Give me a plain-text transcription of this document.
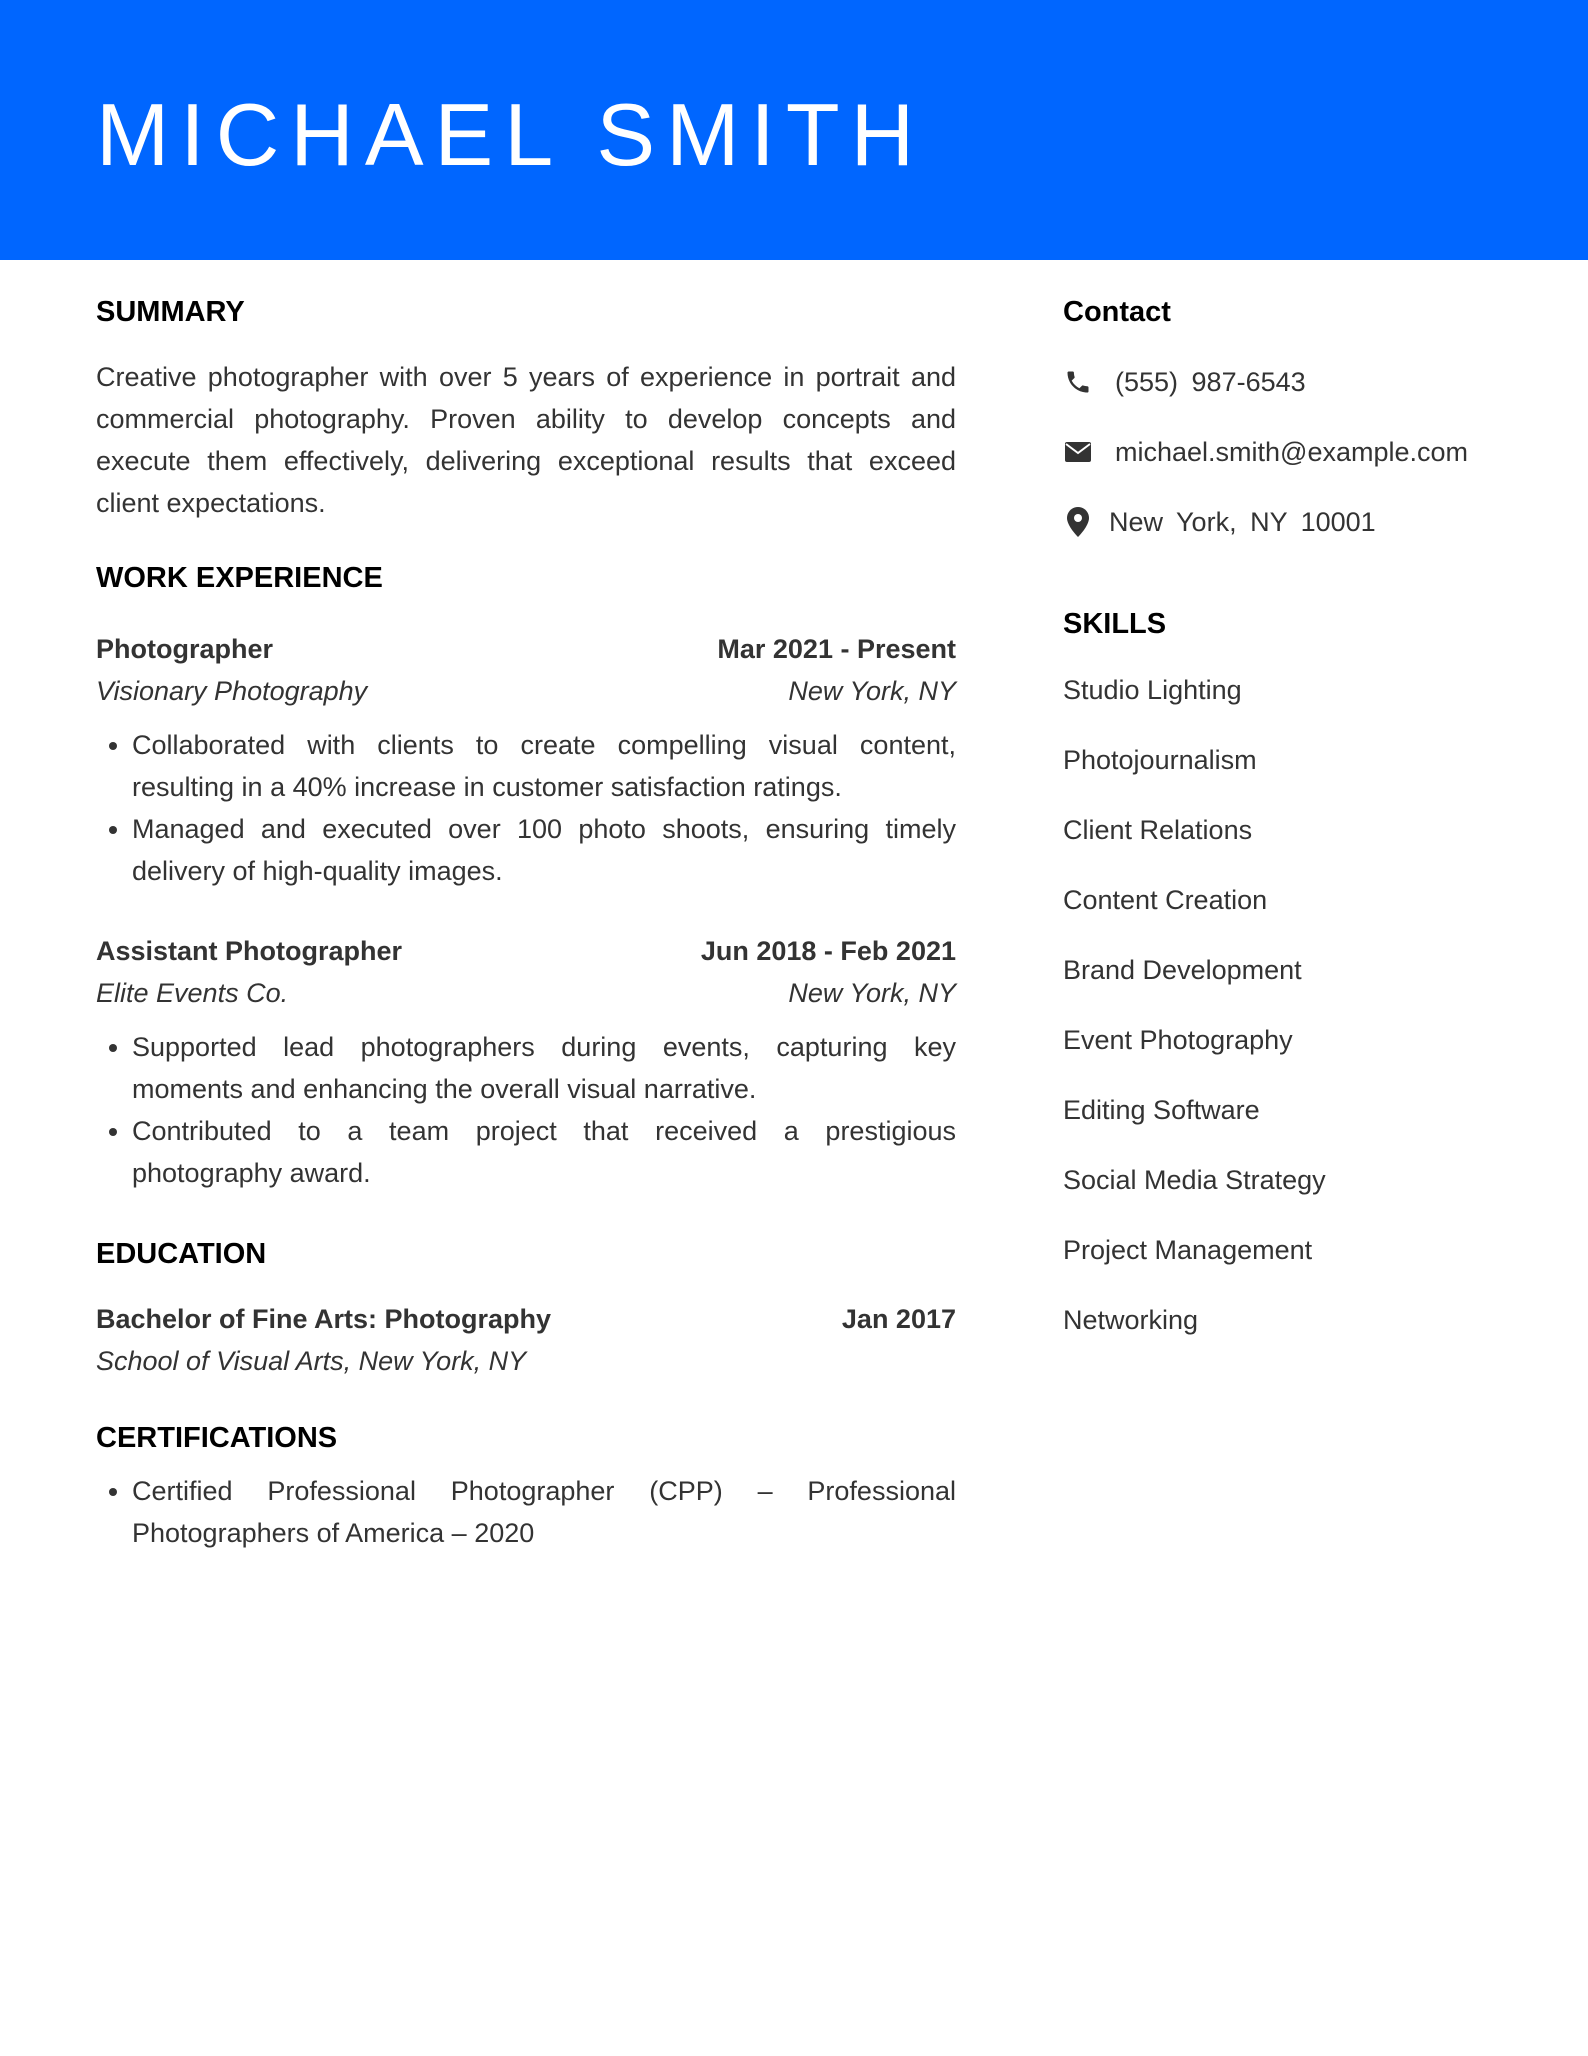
MICHAEL SMITH
SUMMARY

Creative photographer with over 5 years of experience in portrait and commercial photography. Proven ability to develop concepts and execute them effectively, delivering exceptional results that exceed client expectations.

WORK EXPERIENCE
Photographer	Mar 2021 - Present
Visionary Photography	New York, NY
• Collaborated with clients to create compelling visual content, resulting in a 40% increase in customer satisfaction ratings.
• Managed and executed over 100 photo shoots, ensuring timely delivery of high-quality images.
Assistant Photographer	Jun 2018 - Feb 2021
Elite Events Co.	New York, NY
• Supported lead photographers during events, capturing key moments and enhancing the overall visual narrative.
• Contributed to a team project that received a prestigious photography award.
EDUCATION
Bachelor of Fine Arts: Photography	Jan 2017
School of Visual Arts, New York, NY
CERTIFICATIONS
• Certified Professional Photographer (CPP) – Professional Photographers of America – 2020
Contact
(555) 987-6543
michael.smith@example.com
New York, NY 10001
SKILLS
Studio Lighting
Photojournalism
Client Relations
Content Creation
Brand Development
Event Photography
Editing Software
Social Media Strategy
Project Management
Networking
